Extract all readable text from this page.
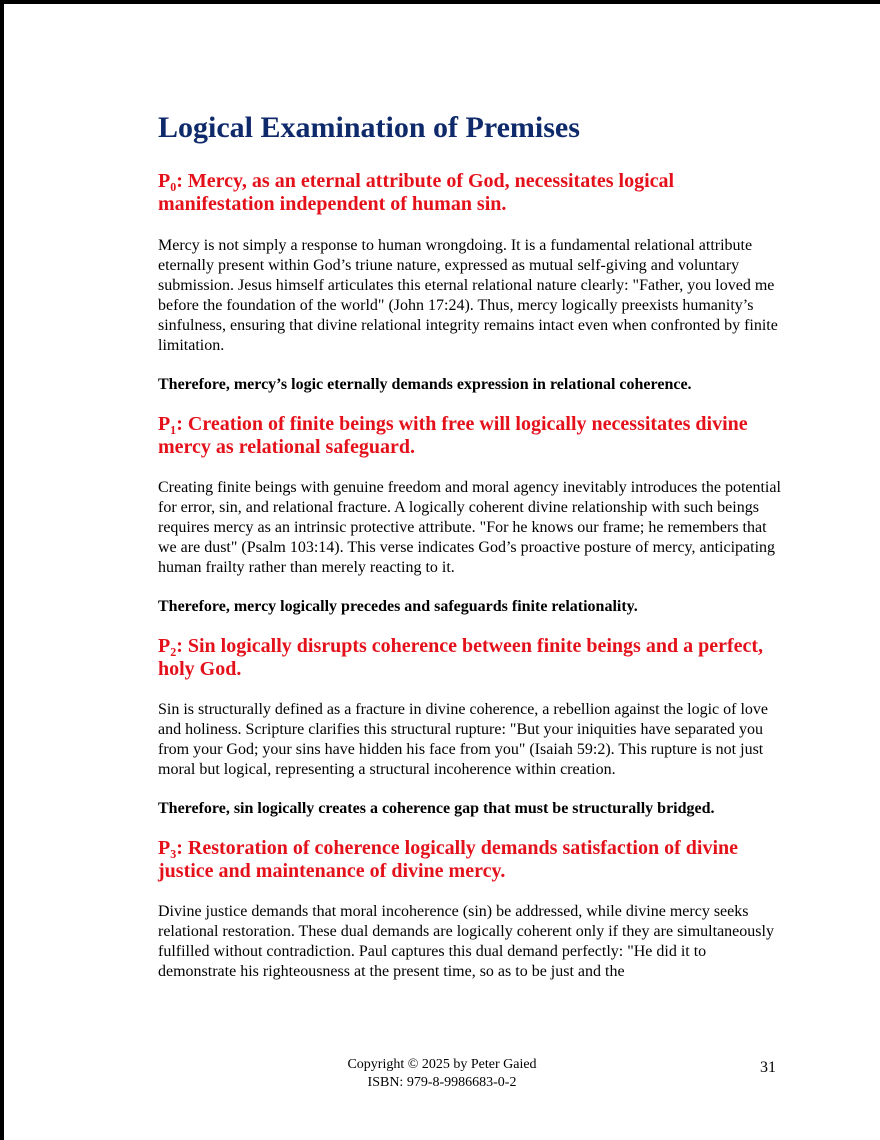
Logical Examination of Premises

P₀: Mercy, as an eternal attribute of God, necessitates logical manifestation independent of human sin.

Mercy is not simply a response to human wrongdoing. It is a fundamental relational attribute eternally present within God’s triune nature, expressed as mutual self-giving and voluntary submission. Jesus himself articulates this eternal relational nature clearly: "Father, you loved me before the foundation of the world" (John 17:24). Thus, mercy logically preexists humanity’s sinfulness, ensuring that divine relational integrity remains intact even when confronted by finite limitation.

Therefore, mercy’s logic eternally demands expression in relational coherence.

P₁: Creation of finite beings with free will logically necessitates divine mercy as relational safeguard.

Creating finite beings with genuine freedom and moral agency inevitably introduces the potential for error, sin, and relational fracture. A logically coherent divine relationship with such beings requires mercy as an intrinsic protective attribute. "For he knows our frame; he remembers that we are dust" (Psalm 103:14). This verse indicates God’s proactive posture of mercy, anticipating human frailty rather than merely reacting to it.

Therefore, mercy logically precedes and safeguards finite relationality.

P₂: Sin logically disrupts coherence between finite beings and a perfect, holy God.

Sin is structurally defined as a fracture in divine coherence, a rebellion against the logic of love and holiness. Scripture clarifies this structural rupture: "But your iniquities have separated you from your God; your sins have hidden his face from you" (Isaiah 59:2). This rupture is not just moral but logical, representing a structural incoherence within creation.

Therefore, sin logically creates a coherence gap that must be structurally bridged.

P₃: Restoration of coherence logically demands satisfaction of divine justice and maintenance of divine mercy.

Divine justice demands that moral incoherence (sin) be addressed, while divine mercy seeks relational restoration. These dual demands are logically coherent only if they are simultaneously fulfilled without contradiction. Paul captures this dual demand perfectly: "He did it to demonstrate his righteousness at the present time, so as to be just and the

Copyright © 2025 by Peter Gaied
ISBN: 979-8-9986683-0-2
31
